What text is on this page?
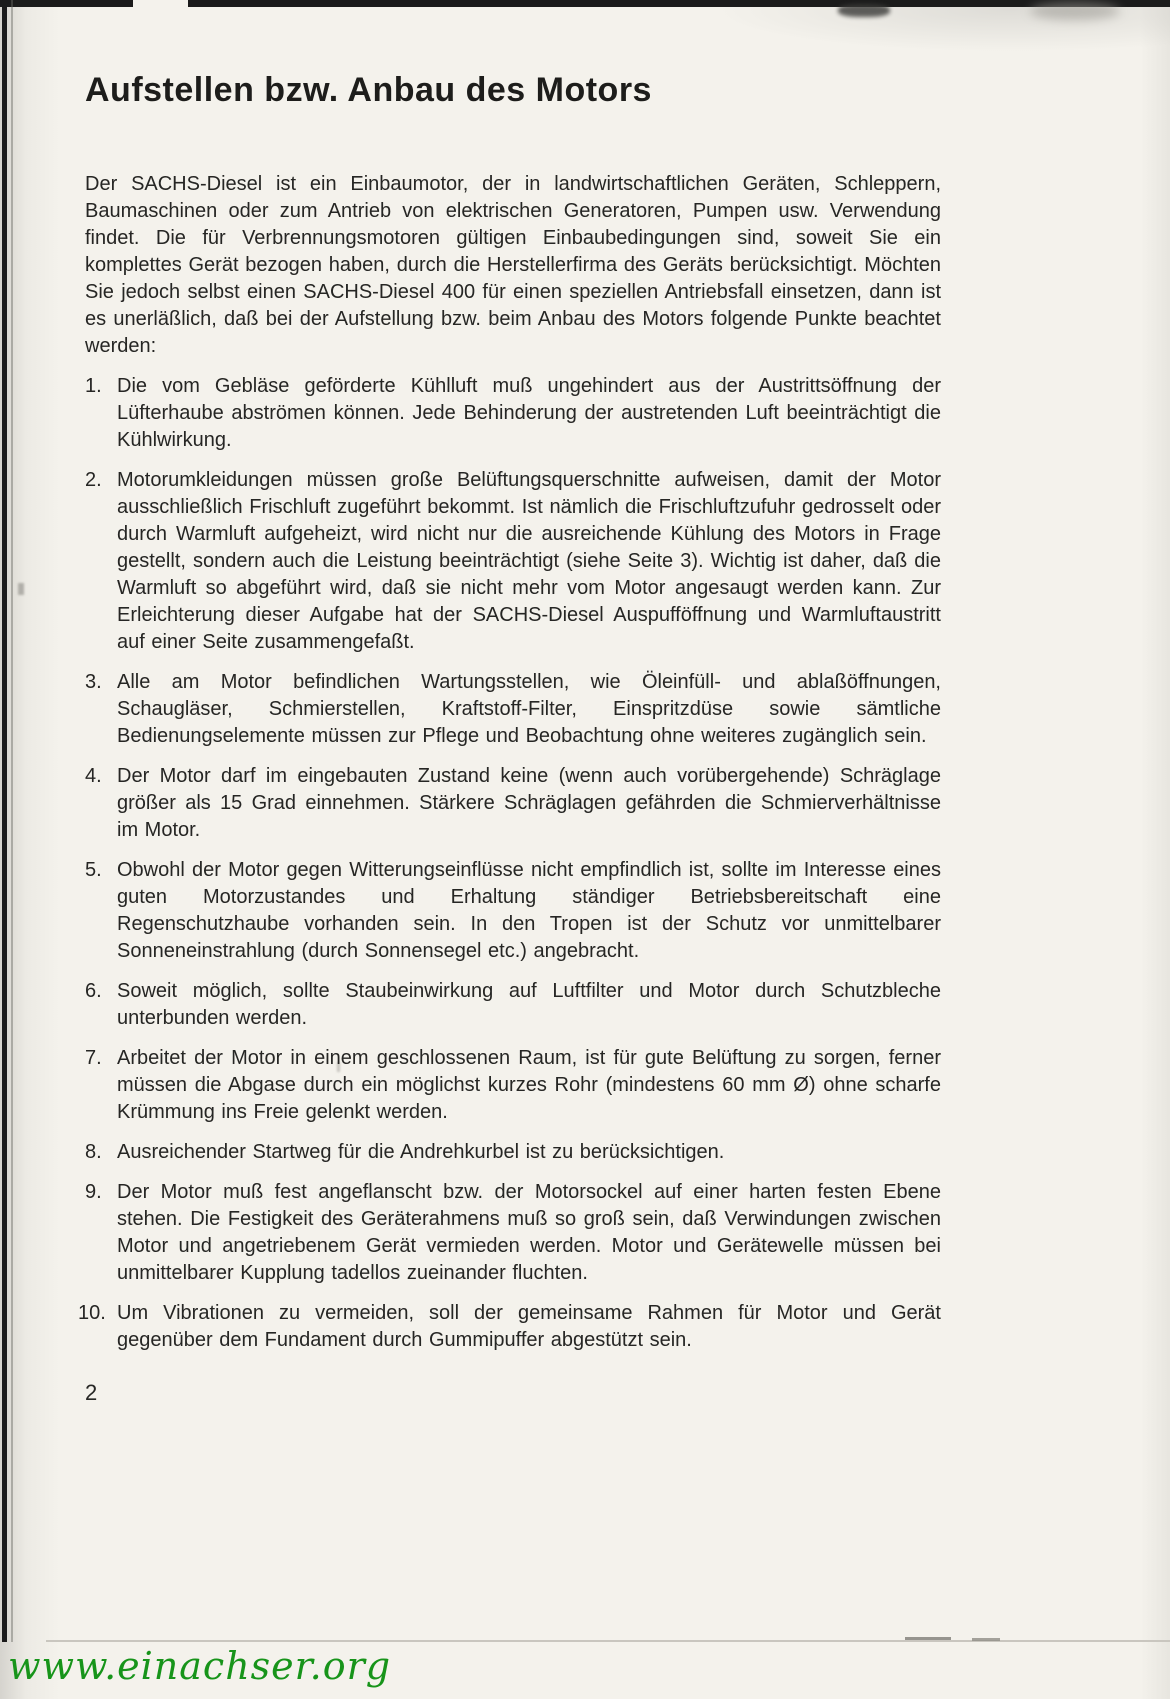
Aufstellen bzw. Anbau des Motors

Der SACHS-Diesel ist ein Einbaumotor, der in landwirtschaftlichen Geräten, Schleppern, Baumaschinen oder zum Antrieb von elektrischen Generatoren, Pumpen usw. Verwendung findet. Die für Verbrennungsmotoren gültigen Einbaubedingungen sind, soweit Sie ein komplettes Gerät bezogen haben, durch die Herstellerfirma des Geräts berücksichtigt. Möchten Sie jedoch selbst einen SACHS-Diesel 400 für einen speziellen Antriebsfall einsetzen, dann ist es unerläßlich, daß bei der Aufstellung bzw. beim Anbau des Motors folgende Punkte beachtet werden:

1. Die vom Gebläse geförderte Kühlluft muß ungehindert aus der Austrittsöffnung der Lüfterhaube abströmen können. Jede Behinderung der austretenden Luft beeinträchtigt die Kühlwirkung.

2. Motorumkleidungen müssen große Belüftungsquerschnitte aufweisen, damit der Motor ausschließlich Frischluft zugeführt bekommt. Ist nämlich die Frischluftzufuhr gedrosselt oder durch Warmluft aufgeheizt, wird nicht nur die ausreichende Kühlung des Motors in Frage gestellt, sondern auch die Leistung beeinträchtigt (siehe Seite 3). Wichtig ist daher, daß die Warmluft so abgeführt wird, daß sie nicht mehr vom Motor angesaugt werden kann. Zur Erleichterung dieser Aufgabe hat der SACHS-Diesel Auspufföffnung und Warmluftaustritt auf einer Seite zusammengefaßt.

3. Alle am Motor befindlichen Wartungsstellen, wie Öleinfüll- und ablaßöffnungen, Schaugläser, Schmierstellen, Kraftstoff-Filter, Einspritzdüse sowie sämtliche Bedienungselemente müssen zur Pflege und Beobachtung ohne weiteres zugänglich sein.

4. Der Motor darf im eingebauten Zustand keine (wenn auch vorübergehende) Schräglage größer als 15 Grad einnehmen. Stärkere Schräglagen gefährden die Schmierverhältnisse im Motor.

5. Obwohl der Motor gegen Witterungseinflüsse nicht empfindlich ist, sollte im Interesse eines guten Motorzustandes und Erhaltung ständiger Betriebsbereitschaft eine Regenschutzhaube vorhanden sein. In den Tropen ist der Schutz vor unmittelbarer Sonneneinstrahlung (durch Sonnensegel etc.) angebracht.

6. Soweit möglich, sollte Staubeinwirkung auf Luftfilter und Motor durch Schutzbleche unterbunden werden.

7. Arbeitet der Motor in einem geschlossenen Raum, ist für gute Belüftung zu sorgen, ferner müssen die Abgase durch ein möglichst kurzes Rohr (mindestens 60 mm Ø) ohne scharfe Krümmung ins Freie gelenkt werden.

8. Ausreichender Startweg für die Andrehkurbel ist zu berücksichtigen.

9. Der Motor muß fest angeflanscht bzw. der Motorsockel auf einer harten festen Ebene stehen. Die Festigkeit des Geräterahmens muß so groß sein, daß Verwindungen zwischen Motor und angetriebenem Gerät vermieden werden. Motor und Gerätewelle müssen bei unmittelbarer Kupplung tadellos zueinander fluchten.

10. Um Vibrationen zu vermeiden, soll der gemeinsame Rahmen für Motor und Gerät gegenüber dem Fundament durch Gummipuffer abgestützt sein.

2
www.einachser.org
